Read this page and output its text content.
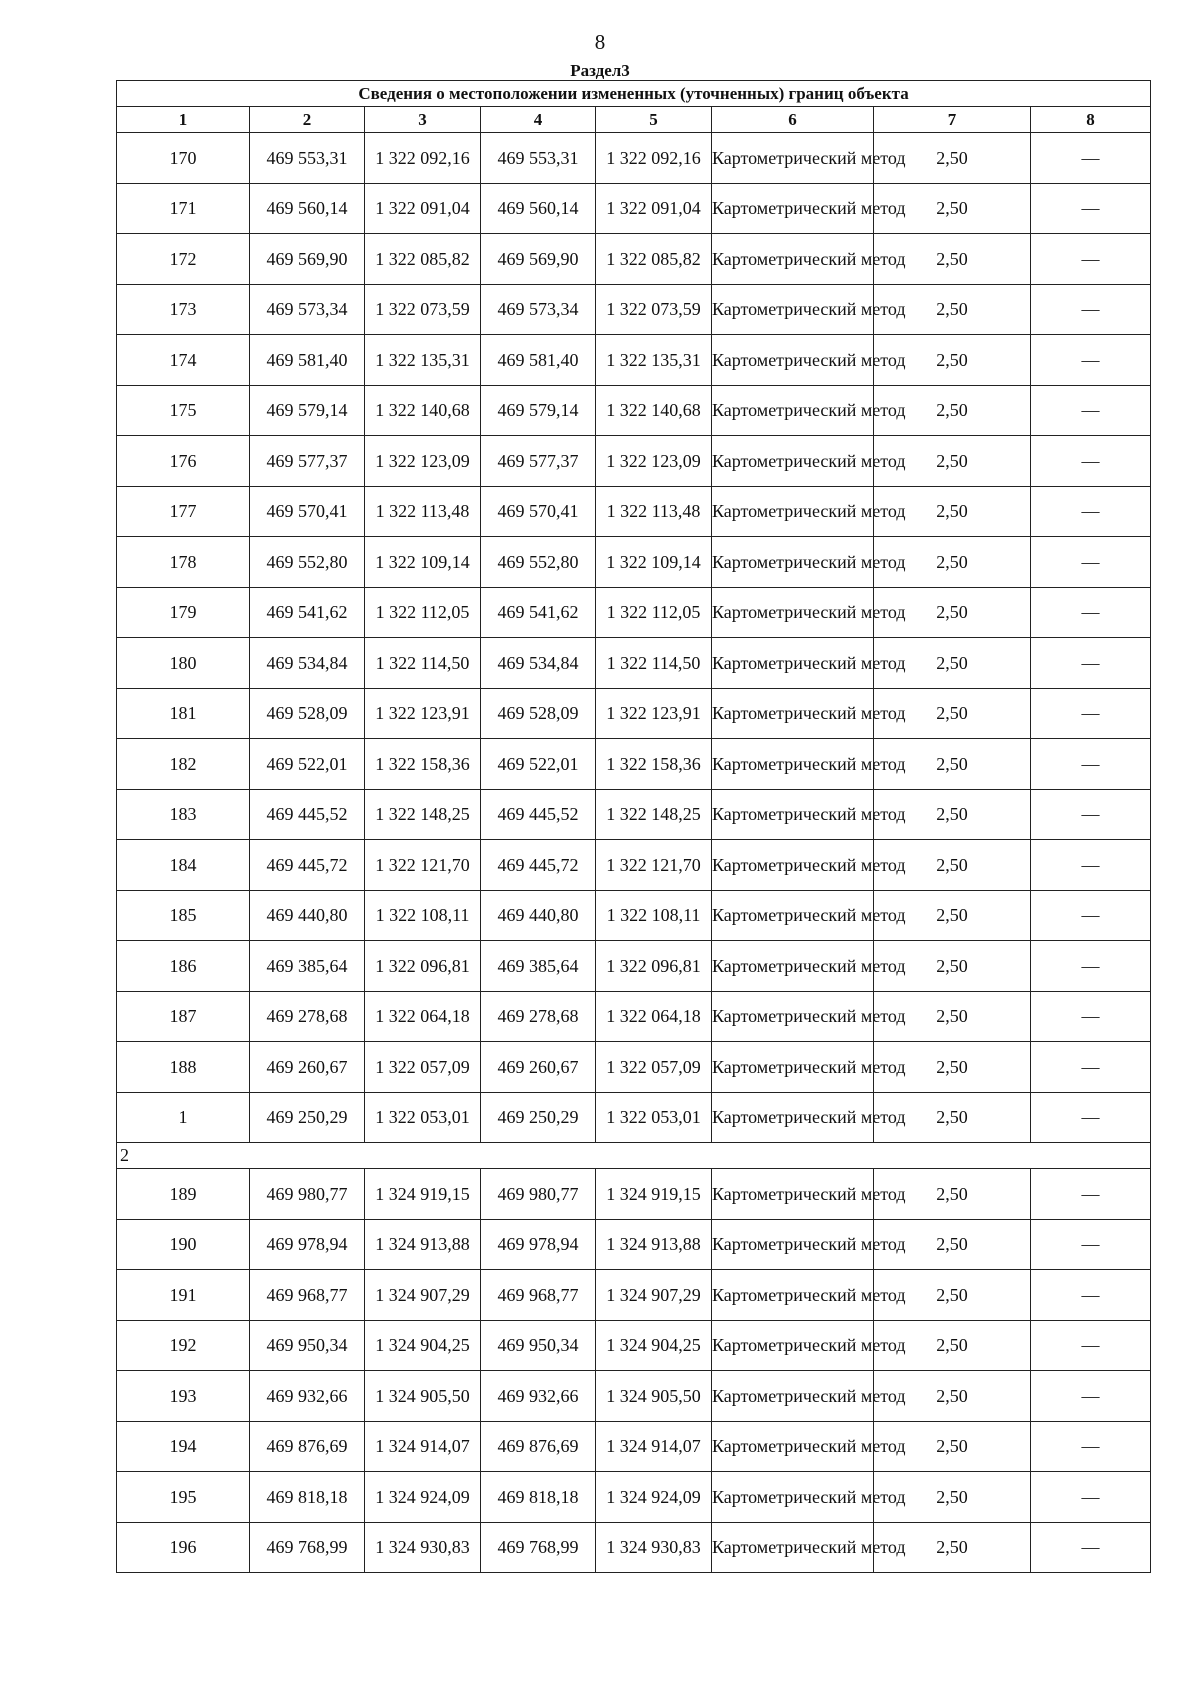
8
Раздел3
Сведения о местоположении измененных (уточненных) границ объекта							
1	2	3	4	5	6	7	8
170	469 553,31	1 322 092,16	469 553,31	1 322 092,16	Картометрический метод	2,50	—
171	469 560,14	1 322 091,04	469 560,14	1 322 091,04	Картометрический метод	2,50	—
172	469 569,90	1 322 085,82	469 569,90	1 322 085,82	Картометрический метод	2,50	—
173	469 573,34	1 322 073,59	469 573,34	1 322 073,59	Картометрический метод	2,50	—
174	469 581,40	1 322 135,31	469 581,40	1 322 135,31	Картометрический метод	2,50	—
175	469 579,14	1 322 140,68	469 579,14	1 322 140,68	Картометрический метод	2,50	—
176	469 577,37	1 322 123,09	469 577,37	1 322 123,09	Картометрический метод	2,50	—
177	469 570,41	1 322 113,48	469 570,41	1 322 113,48	Картометрический метод	2,50	—
178	469 552,80	1 322 109,14	469 552,80	1 322 109,14	Картометрический метод	2,50	—
179	469 541,62	1 322 112,05	469 541,62	1 322 112,05	Картометрический метод	2,50	—
180	469 534,84	1 322 114,50	469 534,84	1 322 114,50	Картометрический метод	2,50	—
181	469 528,09	1 322 123,91	469 528,09	1 322 123,91	Картометрический метод	2,50	—
182	469 522,01	1 322 158,36	469 522,01	1 322 158,36	Картометрический метод	2,50	—
183	469 445,52	1 322 148,25	469 445,52	1 322 148,25	Картометрический метод	2,50	—
184	469 445,72	1 322 121,70	469 445,72	1 322 121,70	Картометрический метод	2,50	—
185	469 440,80	1 322 108,11	469 440,80	1 322 108,11	Картометрический метод	2,50	—
186	469 385,64	1 322 096,81	469 385,64	1 322 096,81	Картометрический метод	2,50	—
187	469 278,68	1 322 064,18	469 278,68	1 322 064,18	Картометрический метод	2,50	—
188	469 260,67	1 322 057,09	469 260,67	1 322 057,09	Картометрический метод	2,50	—
1	469 250,29	1 322 053,01	469 250,29	1 322 053,01	Картометрический метод	2,50	—
2							
189	469 980,77	1 324 919,15	469 980,77	1 324 919,15	Картометрический метод	2,50	—
190	469 978,94	1 324 913,88	469 978,94	1 324 913,88	Картометрический метод	2,50	—
191	469 968,77	1 324 907,29	469 968,77	1 324 907,29	Картометрический метод	2,50	—
192	469 950,34	1 324 904,25	469 950,34	1 324 904,25	Картометрический метод	2,50	—
193	469 932,66	1 324 905,50	469 932,66	1 324 905,50	Картометрический метод	2,50	—
194	469 876,69	1 324 914,07	469 876,69	1 324 914,07	Картометрический метод	2,50	—
195	469 818,18	1 324 924,09	469 818,18	1 324 924,09	Картометрический метод	2,50	—
196	469 768,99	1 324 930,83	469 768,99	1 324 930,83	Картометрический метод	2,50	—
